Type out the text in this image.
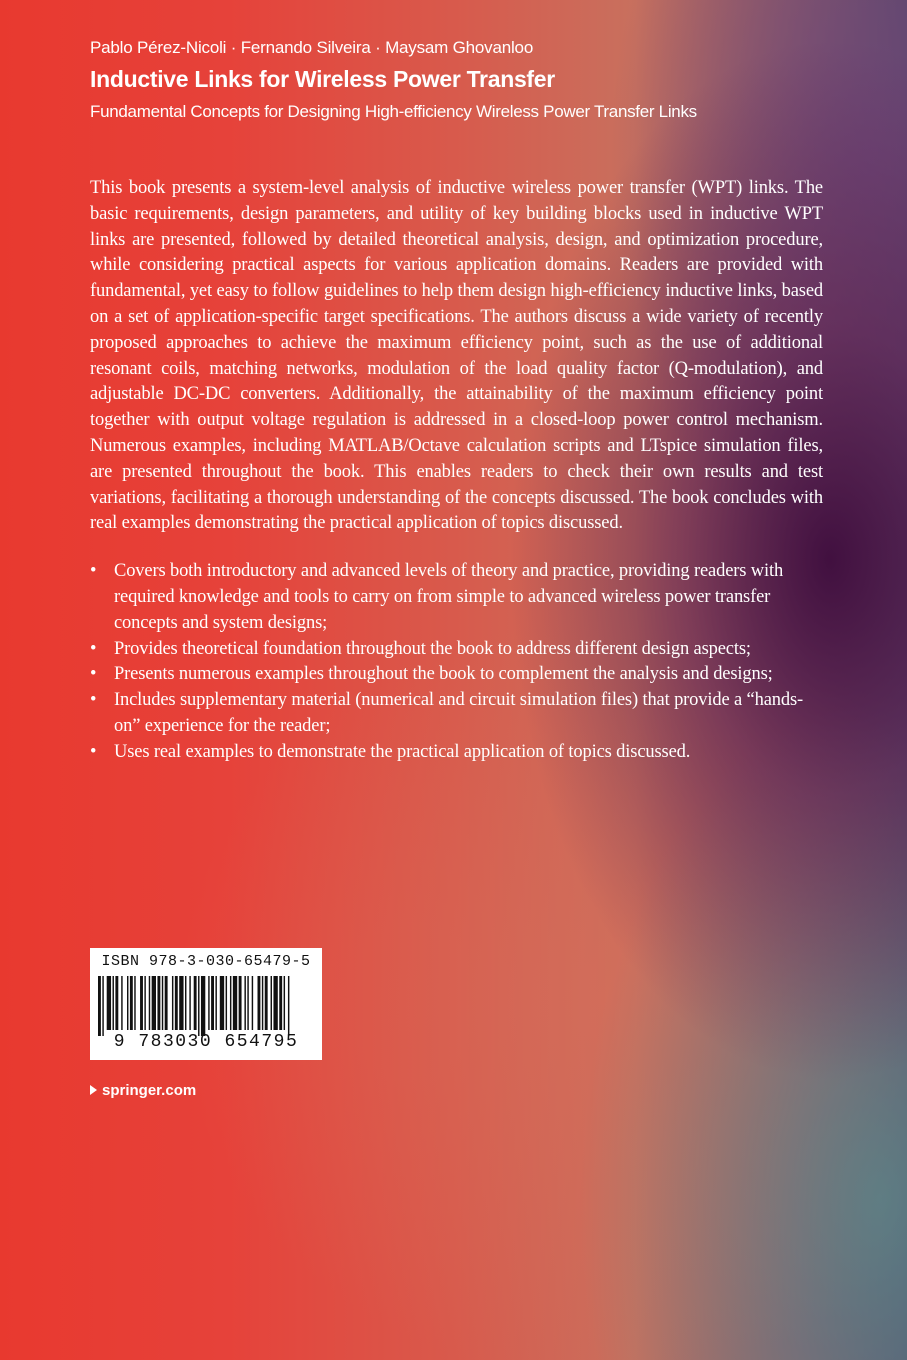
Pablo Pérez-Nicoli · Fernando Silveira · Maysam Ghovanloo
Inductive Links for Wireless Power Transfer
Fundamental Concepts for Designing High-efficiency Wireless Power Transfer Links

This book presents a system-level analysis of inductive wireless power transfer (WPT) links. The basic requirements, design parameters, and utility of key building blocks used in inductive WPT links are presented, followed by detailed theoretical analysis, design, and optimization procedure, while considering practical aspects for various application domains. Readers are provided with fundamental, yet easy to follow guidelines to help them design high-efficiency inductive links, based on a set of application-specific target specifications. The authors discuss a wide variety of recently proposed approaches to achieve the maximum efficiency point, such as the use of additional resonant coils, matching networks, modulation of the load quality factor (Q-modulation), and adjustable DC-DC converters. Additionally, the attainability of the maximum efficiency point together with output voltage regulation is addressed in a closed-loop power control mechanism. Numerous examples, including MATLAB/Octave calculation scripts and LTspice simulation files, are presented throughout the book. This enables readers to check their own results and test variations, facilitating a thorough understanding of the concepts discussed. The book concludes with real examples demonstrating the practical application of topics discussed.

• Covers both introductory and advanced levels of theory and practice, providing readers with required knowledge and tools to carry on from simple to advanced wireless power transfer concepts and system designs;
• Provides theoretical foundation throughout the book to address different design aspects;
• Presents numerous examples throughout the book to complement the analysis and designs;
• Includes supplementary material (numerical and circuit simulation files) that provide a “hands-on” experience for the reader;
• Uses real examples to demonstrate the practical application of topics discussed.
ISBN 978-3-030-65479-5
9 783030 654795
springer.com
